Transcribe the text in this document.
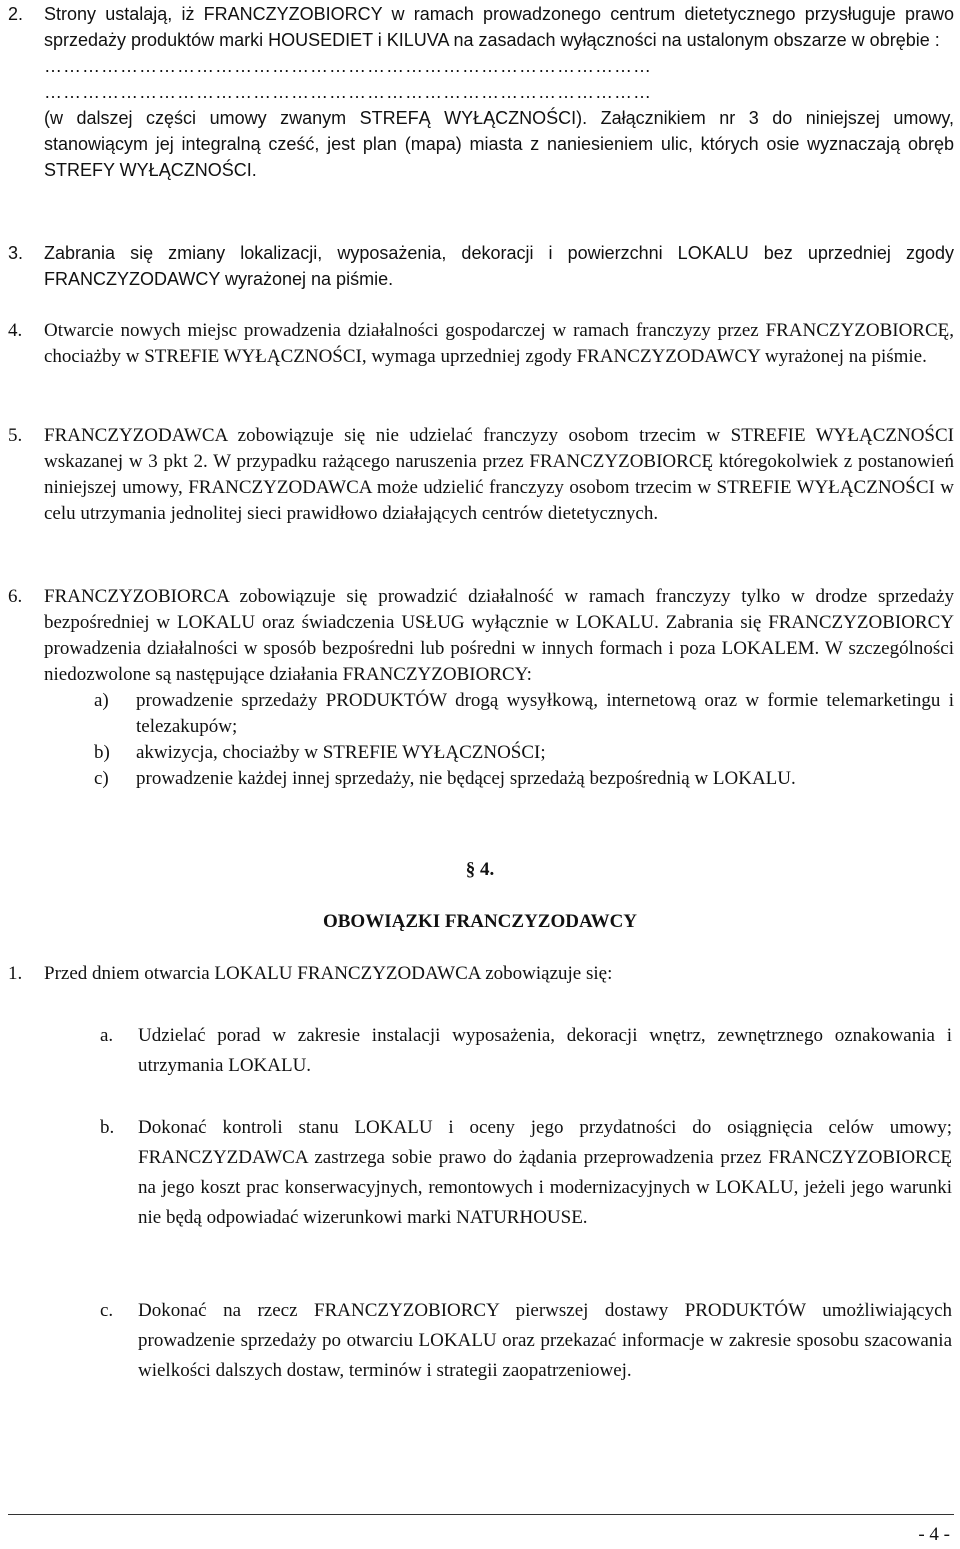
2.	Strony ustalają, iż FRANCZYZOBIORCY w ramach prowadzonego centrum dietetycznego przysługuje prawo sprzedaży produktów marki HOUSEDIET i KILUVA na zasadach wyłączności na ustalonym obszarze w obrębie :
……………………………………………………………………………………
……………………………………………………………………………………
(w dalszej części umowy zwanym STREFĄ WYŁĄCZNOŚCI). Załącznikiem nr 3 do niniejszej umowy, stanowiącym jej integralną cześć, jest plan (mapa) miasta z naniesieniem ulic, których osie wyznaczają obręb STREFY WYŁĄCZNOŚCI.
3.	Zabrania się zmiany lokalizacji, wyposażenia, dekoracji i powierzchni LOKALU bez uprzedniej zgody FRANCZYZODAWCY wyrażonej na piśmie.
4.	Otwarcie nowych miejsc prowadzenia działalności gospodarczej w ramach franczyzy przez FRANCZYZOBIORCĘ, chociażby w STREFIE WYŁĄCZNOŚCI, wymaga uprzedniej zgody FRANCZYZODAWCY wyrażonej na piśmie.
5.	FRANCZYZODAWCA zobowiązuje się nie udzielać franczyzy osobom trzecim w STREFIE WYŁĄCZNOŚCI wskazanej w 3 pkt 2. W przypadku rażącego naruszenia przez FRANCZYZOBIORCĘ któregokolwiek z postanowień niniejszej umowy, FRANCZYZODAWCA może udzielić franczyzy osobom trzecim w STREFIE WYŁĄCZNOŚCI w celu utrzymania jednolitej sieci prawidłowo działających centrów dietetycznych.
6.	FRANCZYZOBIORCA zobowiązuje się prowadzić działalność w ramach franczyzy tylko w drodze sprzedaży bezpośredniej w LOKALU oraz świadczenia USŁUG wyłącznie w LOKALU. Zabrania się FRANCZYZOBIORCY prowadzenia działalności w sposób bezpośredni lub pośredni w innych formach i poza LOKALEM. W szczególności niedozwolone są następujące działania FRANCZYZOBIORCY:
a) prowadzenie sprzedaży PRODUKTÓW drogą wysyłkową, internetową oraz w formie telemarketingu i telezakupów;
b) akwizycja, chociażby w STREFIE WYŁĄCZNOŚCI;
c) prowadzenie każdej innej sprzedaży, nie będącej sprzedażą bezpośrednią w LOKALU.
§ 4.
OBOWIĄZKI FRANCZYZODAWCY
1.	Przed dniem otwarcia LOKALU FRANCZYZODAWCA zobowiązuje się:
a. Udzielać porad w zakresie instalacji wyposażenia, dekoracji wnętrz, zewnętrznego oznakowania i utrzymania LOKALU.
b. Dokonać kontroli stanu LOKALU i oceny jego przydatności do osiągnięcia celów umowy; FRANCZYZDAWCA zastrzega sobie prawo do żądania przeprowadzenia przez FRANCZYZOBIORCĘ na jego koszt prac konserwacyjnych, remontowych i modernizacyjnych w LOKALU, jeżeli jego warunki nie będą odpowiadać wizerunkowi marki NATURHOUSE.
c. Dokonać na rzecz FRANCZYZOBIORCY pierwszej dostawy PRODUKTÓW umożliwiających prowadzenie sprzedaży po otwarciu LOKALU oraz przekazać informacje w zakresie sposobu szacowania wielkości dalszych dostaw, terminów i strategii zaopatrzeniowej.
- 4 -
